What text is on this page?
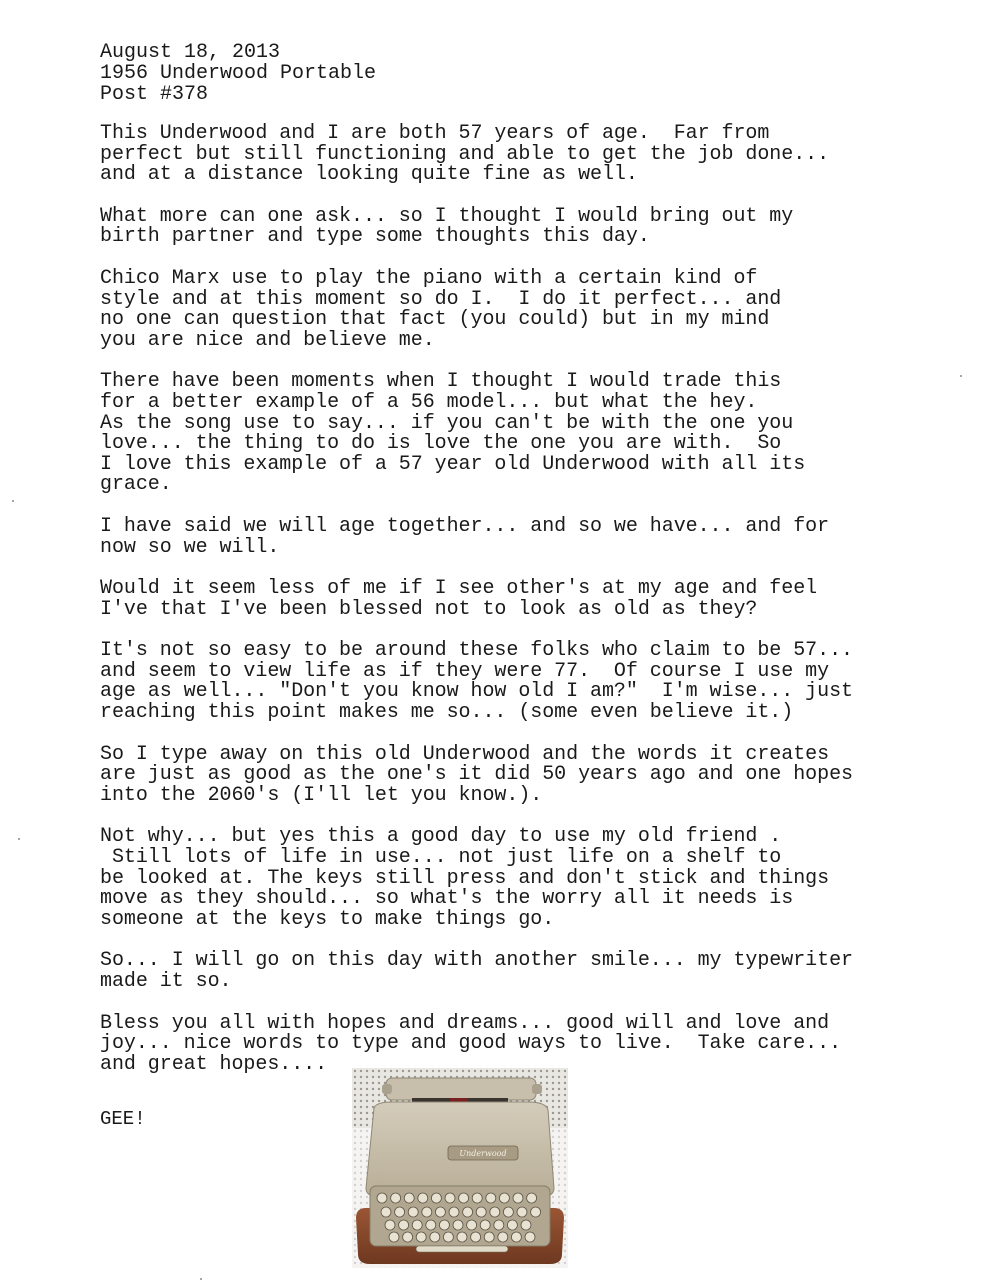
August 18, 2013
1956 Underwood Portable
Post #378
This Underwood and I are both 57 years of age.  Far from
perfect but still functioning and able to get the job done...
and at a distance looking quite fine as well.
What more can one ask... so I thought I would bring out my
birth partner and type some thoughts this day.
Chico Marx use to play the piano with a certain kind of
style and at this moment so do I.  I do it perfect... and
no one can question that fact (you could) but in my mind
you are nice and believe me.
There have been moments when I thought I would trade this
for a better example of a 56 model... but what the hey.
As the song use to say... if you can't be with the one you
love... the thing to do is love the one you are with.  So
I love this example of a 57 year old Underwood with all its
grace.
I have said we will age together... and so we have... and for
now so we will.
Would it seem less of me if I see other's at my age and feel
I've that I've been blessed not to look as old as they?
It's not so easy to be around these folks who claim to be 57...
and seem to view life as if they were 77.  Of course I use my
age as well... "Don't you know how old I am?"  I'm wise... just
reaching this point makes me so... (some even believe it.)
So I type away on this old Underwood and the words it creates
are just as good as the one's it did 50 years ago and one hopes
into the 2060's (I'll let you know.).
Not why... but yes this a good day to use my old friend .
Still lots of life in use... not just life on a shelf to
be looked at. The keys still press and don't stick and things
move as they should... so what's the worry all it needs is
someone at the keys to make things go.
So... I will go on this day with another smile... my typewriter
made it so.
Bless you all with hopes and dreams... good will and love and
joy... nice words to type and good ways to live.  Take care...
and great hopes....
GEE!
Underwood
